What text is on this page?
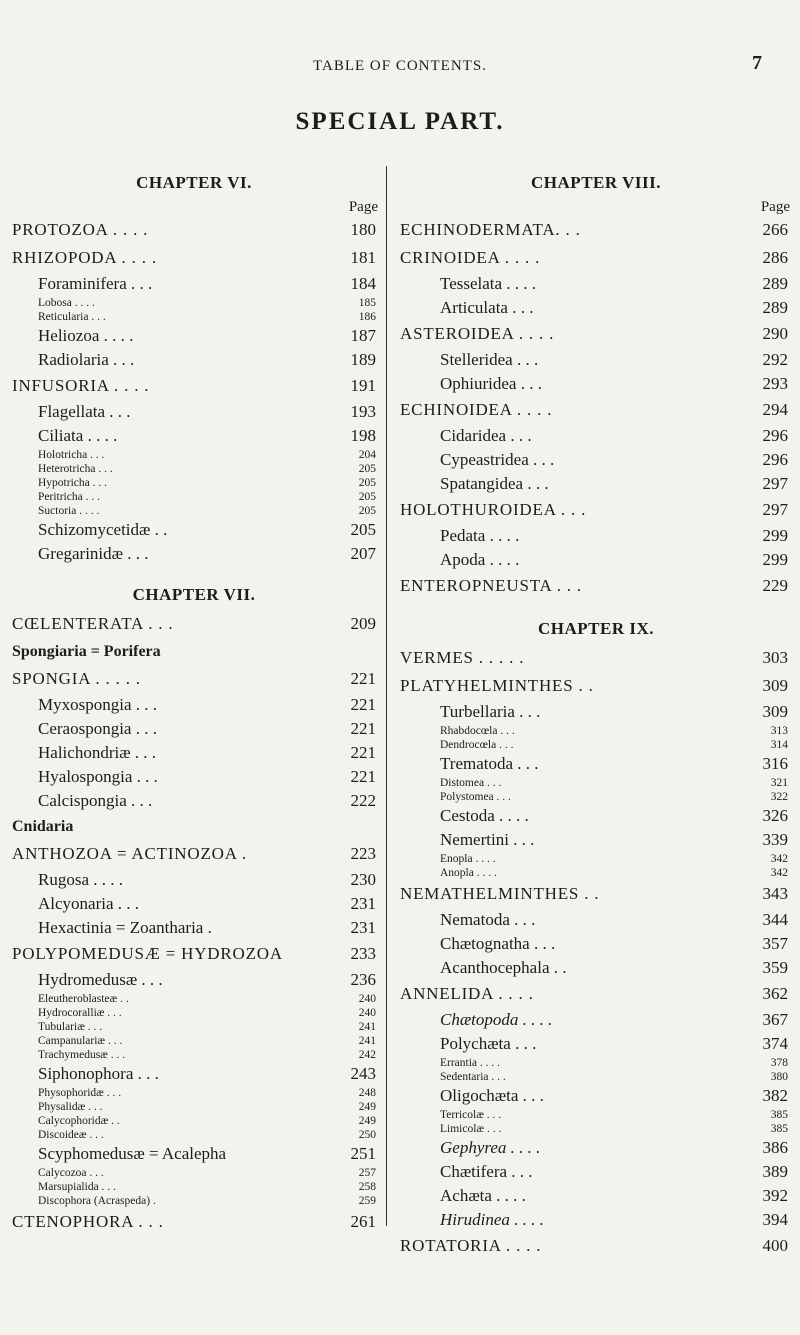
TABLE OF CONTENTS.	7
SPECIAL PART.
CHAPTER VI.
Page
PROTOZOA . . . .	180
RHIZOPODA . . . .	181
Foraminifera . . .	184
Lobosa . . . .	185
Reticularia . . .	186
Heliozoa . . . .	187
Radiolaria . . .	189
INFUSORIA . . . .	191
Flagellata . . .	193
Ciliata . . . .	198
Holotricha . . .	204
Heterotricha . . .	205
Hypotricha . . .	205
Peritricha . . .	205
Suctoria . . . .	205
Schizomycetidæ . .	205
Gregarinidæ . . .	207
CHAPTER VII.
CŒLENTERATA . . .	209
Spongiaria = Porifera
SPONGIA . . . . .	221
Myxospongia . . .	221
Ceraospongia . . .	221
Halichondriæ . . .	221
Hyalospongia . . .	221
Calcispongia . . .	222
Cnidaria
ANTHOZOA = ACTINOZOA .	223
Rugosa . . . .	230
Alcyonaria . . .	231
Hexactinia = Zoantharia .	231
POLYPOMEDUSÆ = HYDROZOA	233
Hydromedusæ . . .	236
Eleutheroblasteæ . .	240
Hydrocoralliæ . . .	240
Tubulariæ . . .	241
Campanulariæ . . .	241
Trachymedusæ . . .	242
Siphonophora . . .	243
Physophoridæ . . .	248
Physalidæ . . .	249
Calycophoridæ . .	249
Discoideæ . . .	250
Scyphomedusæ = Acalepha	251
Calycozoa . . .	257
Marsupialida . . .	258
Discophora (Acraspeda) .	259
CTENOPHORA . . .	261
CHAPTER VIII.
Page
ECHINODERMATA. . .	266
CRINOIDEA . . . .	286
Tesselata . . . .	289
Articulata . . .	289
ASTEROIDEA . . . .	290
Stelleridea . . .	292
Ophiuridea . . .	293
ECHINOIDEA . . . .	294
Cidaridea . . .	296
Cypeastridea . . .	296
Spatangidea . . .	297
HOLOTHUROIDEA . . .	297
Pedata . . . .	299
Apoda . . . .	299
ENTEROPNEUSTA . . .	229
CHAPTER IX.
VERMES . . . . .	303
PLATYHELMINTHES . .	309
Turbellaria . . .	309
Rhabdocœla . . .	313
Dendrocœla . . .	314
Trematoda . . .	316
Distomea . . .	321
Polystomea . . .	322
Cestoda . . . .	326
Nemertini . . .	339
Enopla . . . .	342
Anopla . . . .	342
NEMATHELMINTHES . .	343
Nematoda . . .	344
Chætognatha . . .	357
Acanthocephala . .	359
ANNELIDA . . . .	362
Chætopoda . . . .	367
Polychæta . . .	374
Errantia . . . .	378
Sedentaria . . .	380
Oligochæta . . .	382
Terricolæ . . .	385
Limicolæ . . .	385
Gephyrea . . . .	386
Chætifera . . .	389
Achæta . . . .	392
Hirudinea . . . .	394
ROTATORIA . . . .	400
